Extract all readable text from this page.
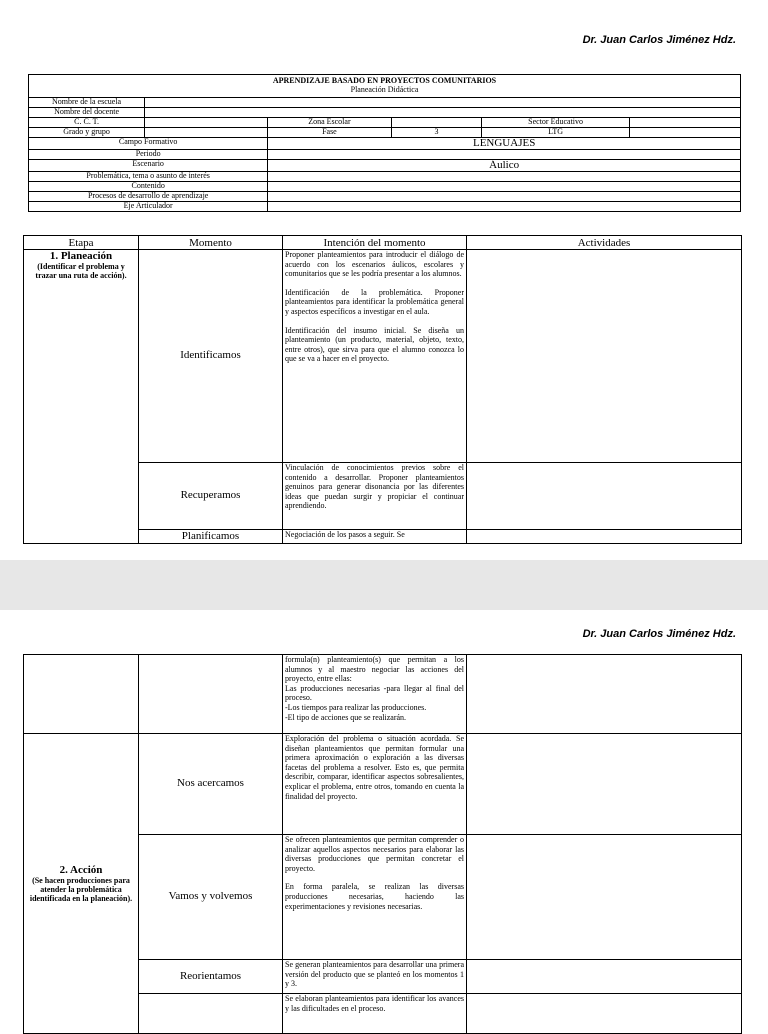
Dr. Juan Carlos Jiménez Hdz.
APRENDIZAJE BASADO EN PROYECTOS COMUNITARIOS
Planeación Didáctica					

Nombre de la escuela					
Nombre del docente					
C. C. T.		Zona Escolar		Sector Educativo	
Grado y grupo		Fase	3	LTG	
Campo Formativo		LENGUAJES			
Periodo					
Escenario		Áulico			
Problemática, tema o asunto de interés					
Contenido					
Procesos de desarrollo de aprendizaje					
Eje Articulador					
Etapa	Momento	Intención del momento	Actividades

1. Planeación
(Identificar el problema y trazar una ruta de acción).	Identificamos	Proponer planteamientos para introducir el diálogo de acuerdo con los escenarios áulicos, escolares y comunitarios que se les podría presentar a los alumnos.
Identificación de la problemática. Proponer planteamientos para identificar la problemática general y aspectos específicos a investigar en el aula.
Identificación del insumo inicial. Se diseña un planteamiento (un producto, material, objeto, texto, entre otros), que sirva para que el alumno conozca lo que se va a hacer en el proyecto.	

	Recuperamos	Vinculación de conocimientos previos sobre el contenido a desarrollar. Proponer planteamientos genuinos para generar disonancia por las diferentes ideas que puedan surgir y propiciar el continuar aprendiendo.	

	Planificamos	Negociación de los pasos a seguir. Se	

Dr. Juan Carlos Jiménez Hdz.

		formula(n) planteamiento(s) que permitan a los alumnos y al maestro negociar las acciones del proyecto, entre ellas:
Las producciones necesarias -para llegar al final del proceso.
-Los tiempos para realizar las producciones.
-El tipo de acciones que se realizarán.	

2. Acción
(Se hacen producciones para atender la problemática identificada en la planeación).	Nos acercamos	Exploración del problema o situación acordada. Se diseñan planteamientos que permitan formular una primera aproximación o exploración a las diversas facetas del problema a resolver. Esto es, que permita describir, comparar, identificar aspectos sobresalientes, explicar el problema, entre otros, tomando en cuenta la finalidad del proyecto.	

	Vamos y volvemos	Se ofrecen planteamientos que permitan comprender o analizar aquellos aspectos necesarios para elaborar las diversas producciones que permitan concretar el proyecto.
En forma paralela, se realizan las diversas producciones necesarias, haciendo las experimentaciones y revisiones necesarias.	

	Reorientamos	Se generan planteamientos para desarrollar una primera versión del producto que se planteó en los momentos 1 y 3.	

		Se elaboran planteamientos para identificar los avances y las dificultades en el proceso.	
